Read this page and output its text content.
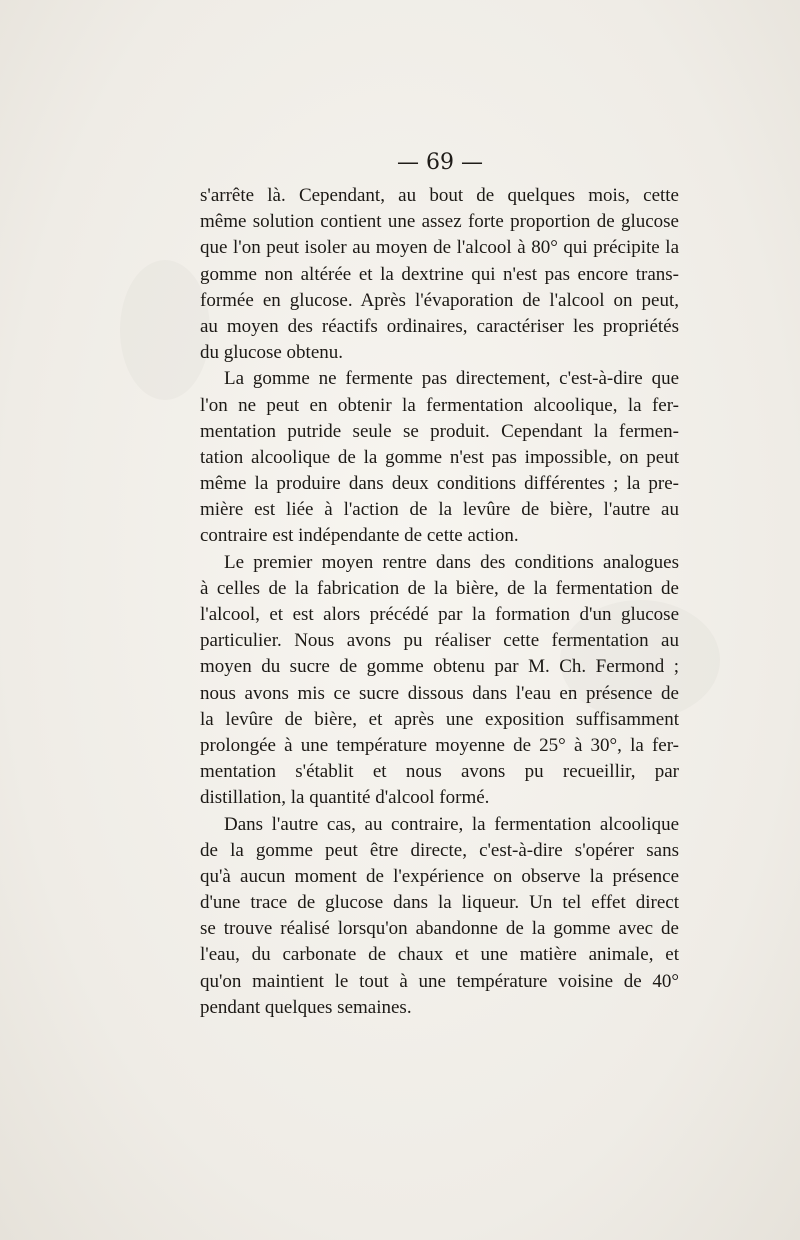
— 69 —
s'arrête là. Cependant, au bout de quelques mois, cette
même solution contient une assez forte proportion de glucose
que l'on peut isoler au moyen de l'alcool à 80° qui précipite la
gomme non altérée et la dextrine qui n'est pas encore trans-
formée en glucose. Après l'évaporation de l'alcool on peut,
au moyen des réactifs ordinaires, caractériser les propriétés
du glucose obtenu.
La gomme ne fermente pas directement, c'est-à-dire que
l'on ne peut en obtenir la fermentation alcoolique, la fer-
mentation putride seule se produit. Cependant la fermen-
tation alcoolique de la gomme n'est pas impossible, on peut
même la produire dans deux conditions différentes ; la pre-
mière est liée à l'action de la levûre de bière, l'autre au
contraire est indépendante de cette action.
Le premier moyen rentre dans des conditions analogues
à celles de la fabrication de la bière, de la fermentation de
l'alcool, et est alors précédé par la formation d'un glucose
particulier. Nous avons pu réaliser cette fermentation au
moyen du sucre de gomme obtenu par M. Ch. Fermond ;
nous avons mis ce sucre dissous dans l'eau en présence de
la levûre de bière, et après une exposition suffisamment
prolongée à une température moyenne de 25° à 30°, la fer-
mentation s'établit et nous avons pu recueillir, par
distillation, la quantité d'alcool formé.
Dans l'autre cas, au contraire, la fermentation alcoolique
de la gomme peut être directe, c'est-à-dire s'opérer sans
qu'à aucun moment de l'expérience on observe la présence
d'une trace de glucose dans la liqueur. Un tel effet direct
se trouve réalisé lorsqu'on abandonne de la gomme avec de
l'eau, du carbonate de chaux et une matière animale, et
qu'on maintient le tout à une température voisine de 40°
pendant quelques semaines.
